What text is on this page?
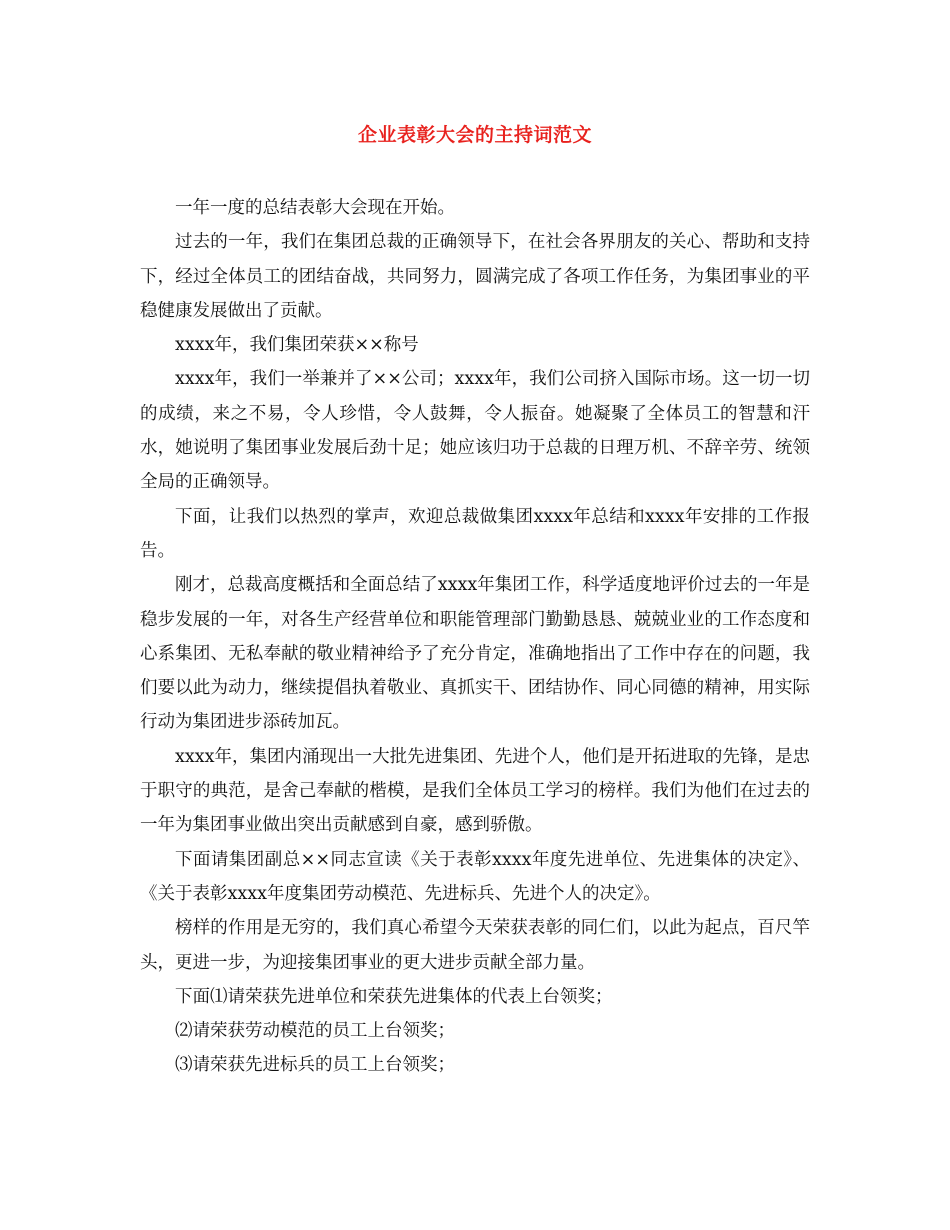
企业表彰大会的主持词范文

一年一度的总结表彰大会现在开始。

过去的一年，我们在集团总裁的正确领导下，在社会各界朋友的关心、帮助和支持下，经过全体员工的团结奋战，共同努力，圆满完成了各项工作任务，为集团事业的平稳健康发展做出了贡献。

xxxx年，我们集团荣获××称号

xxxx年，我们一举兼并了××公司；xxxx年，我们公司挤入国际市场。这一切一切的成绩，来之不易，令人珍惜，令人鼓舞，令人振奋。她凝聚了全体员工的智慧和汗水，她说明了集团事业发展后劲十足；她应该归功于总裁的日理万机、不辞辛劳、统领全局的正确领导。

下面，让我们以热烈的掌声，欢迎总裁做集团xxxx年总结和xxxx年安排的工作报告。

刚才，总裁高度概括和全面总结了xxxx年集团工作，科学适度地评价过去的一年是稳步发展的一年，对各生产经营单位和职能管理部门勤勤恳恳、兢兢业业的工作态度和心系集团、无私奉献的敬业精神给予了充分肯定，准确地指出了工作中存在的问题，我们要以此为动力，继续提倡执着敬业、真抓实干、团结协作、同心同德的精神，用实际行动为集团进步添砖加瓦。

xxxx年，集团内涌现出一大批先进集团、先进个人，他们是开拓进取的先锋，是忠于职守的典范，是舍己奉献的楷模，是我们全体员工学习的榜样。我们为他们在过去的一年为集团事业做出突出贡献感到自豪，感到骄傲。

下面请集团副总××同志宣读《关于表彰xxxx年度先进单位、先进集体的决定》、《关于表彰xxxx年度集团劳动模范、先进标兵、先进个人的决定》。

榜样的作用是无穷的，我们真心希望今天荣获表彰的同仁们，以此为起点，百尺竿头，更进一步，为迎接集团事业的更大进步贡献全部力量。

下面⑴请荣获先进单位和荣获先进集体的代表上台领奖；

⑵请荣获劳动模范的员工上台领奖；

⑶请荣获先进标兵的员工上台领奖；
